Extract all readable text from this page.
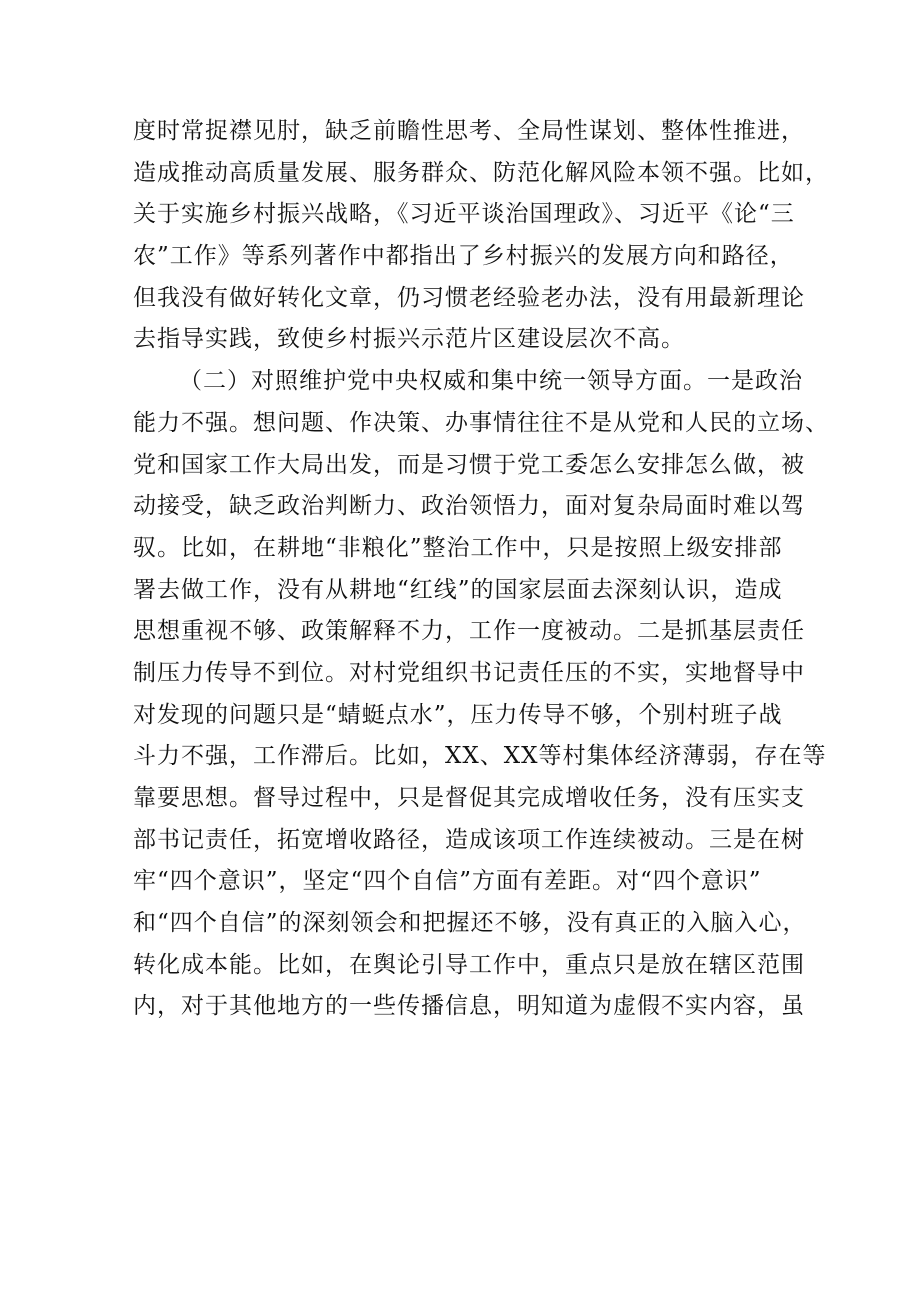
度时常捉襟见肘，缺乏前瞻性思考、全局性谋划、整体性推进，
造成推动高质量发展、服务群众、防范化解风险本领不强。比如，
关于实施乡村振兴战略，《习近平谈治国理政》、习近平《论“三
农”工作》等系列著作中都指出了乡村振兴的发展方向和路径，
但我没有做好转化文章，仍习惯老经验老办法，没有用最新理论
去指导实践，致使乡村振兴示范片区建设层次不高。
（二）对照维护党中央权威和集中统一领导方面。一是政治
能力不强。想问题、作决策、办事情往往不是从党和人民的立场、
党和国家工作大局出发，而是习惯于党工委怎么安排怎么做，被
动接受，缺乏政治判断力、政治领悟力，面对复杂局面时难以驾
驭。比如，在耕地“非粮化”整治工作中，只是按照上级安排部
署去做工作，没有从耕地“红线”的国家层面去深刻认识，造成
思想重视不够、政策解释不力，工作一度被动。二是抓基层责任
制压力传导不到位。对村党组织书记责任压的不实，实地督导中
对发现的问题只是“蜻蜓点水”，压力传导不够，个别村班子战
斗力不强，工作滞后。比如，XX、XX等村集体经济薄弱，存在等
靠要思想。督导过程中，只是督促其完成增收任务，没有压实支
部书记责任，拓宽增收路径，造成该项工作连续被动。三是在树
牢“四个意识”，坚定“四个自信”方面有差距。对“四个意识”
和“四个自信”的深刻领会和把握还不够，没有真正的入脑入心，
转化成本能。比如，在舆论引导工作中，重点只是放在辖区范围
内，对于其他地方的一些传播信息，明知道为虚假不实内容，虽
